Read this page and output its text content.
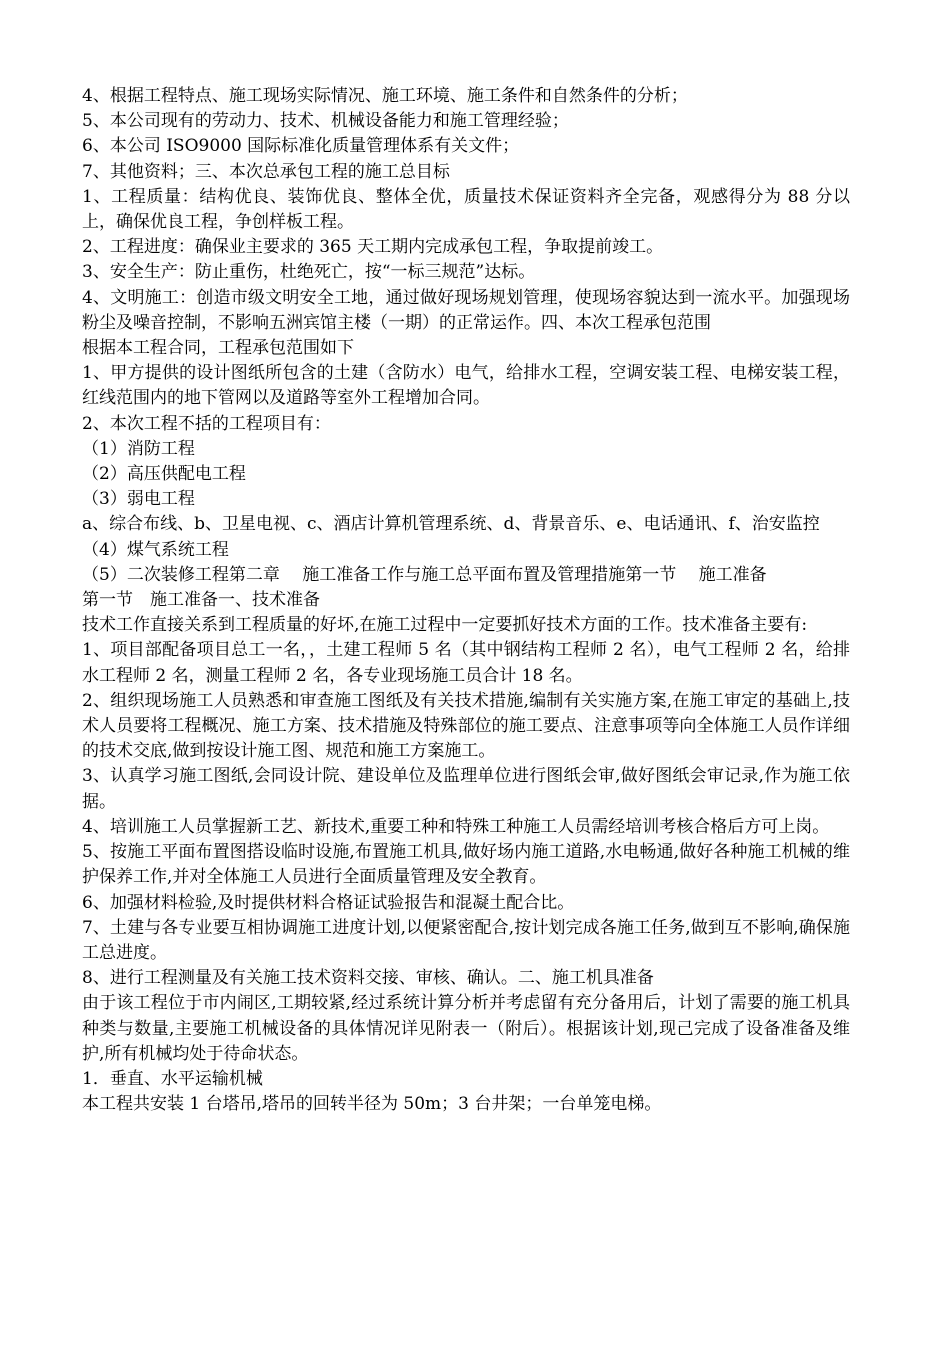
4、根据工程特点、施工现场实际情况、施工环境、施工条件和自然条件的分析；

5、本公司现有的劳动力、技术、机械设备能力和施工管理经验；

6、本公司 ISO9000 国际标准化质量管理体系有关文件；

7、其他资料；三、本次总承包工程的施工总目标

1、工程质量：结构优良、装饰优良、整体全优，质量技术保证资料齐全完备，观感得分为 88 分以上，确保优良工程，争创样板工程。

2、工程进度：确保业主要求的 365 天工期内完成承包工程，争取提前竣工。

3、安全生产：防止重伤，杜绝死亡，按“一标三规范”达标。

4、文明施工：创造市级文明安全工地，通过做好现场规划管理，使现场容貌达到一流水平。加强现场粉尘及噪音控制，不影响五洲宾馆主楼（一期）的正常运作。四、本次工程承包范围

根据本工程合同，工程承包范围如下

1、甲方提供的设计图纸所包含的土建（含防水）电气，给排水工程，空调安装工程、电梯安装工程，红线范围内的地下管网以及道路等室外工程增加合同。

2、本次工程不括的工程项目有：

（1）消防工程

（2）高压供配电工程

（3）弱电工程

a、综合布线、b、卫星电视、c、酒店计算机管理系统、d、背景音乐、e、电话通讯、f、治安监控

（4）煤气系统工程

（5）二次装修工程第二章　 施工准备工作与施工总平面布置及管理措施第一节　 施工准备

第一节　施工准备一、技术准备

技术工作直接关系到工程质量的好坏,在施工过程中一定要抓好技术方面的工作。技术准备主要有:

1、项目部配备项目总工一名，，土建工程师 5 名（其中钢结构工程师 2 名），电气工程师 2 名，给排水工程师 2 名，测量工程师 2 名，各专业现场施工员合计 18 名。

2、组织现场施工人员熟悉和审查施工图纸及有关技术措施,编制有关实施方案,在施工审定的基础上,技术人员要将工程概况、施工方案、技术措施及特殊部位的施工要点、注意事项等向全体施工人员作详细的技术交底,做到按设计施工图、规范和施工方案施工。

3、认真学习施工图纸,会同设计院、建设单位及监理单位进行图纸会审,做好图纸会审记录,作为施工依据。

4、培训施工人员掌握新工艺、新技术,重要工种和特殊工种施工人员需经培训考核合格后方可上岗。

5、按施工平面布置图搭设临时设施,布置施工机具,做好场内施工道路,水电畅通,做好各种施工机械的维护保养工作,并对全体施工人员进行全面质量管理及安全教育。

6、加强材料检验,及时提供材料合格证试验报告和混凝土配合比。

7、土建与各专业要互相协调施工进度计划,以便紧密配合,按计划完成各施工任务,做到互不影响,确保施工总进度。

8、进行工程测量及有关施工技术资料交接、审核、确认。二、施工机具准备

由于该工程位于市内闹区,工期较紧,经过系统计算分析并考虑留有充分备用后，计划了需要的施工机具种类与数量,主要施工机械设备的具体情况详见附表一（附后）。根据该计划,现己完成了设备准备及维护,所有机械均处于待命状态。

1．垂直、水平运输机械

本工程共安装 1 台塔吊,塔吊的回转半径为 50m；3 台井架；一台单笼电梯。
